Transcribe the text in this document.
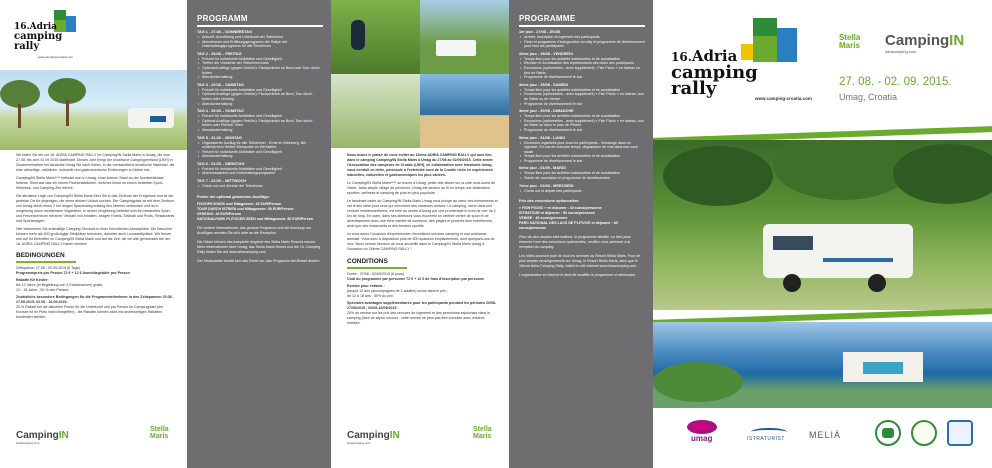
16.Adria
camping
rally
www.camping-croatia.com
Wir laden Sie ein zur 16. ADRIA CAMPING RALLY im Camping/IN Stella Maris in Umag, die vom 27.08. bis zum 02.09.2015 stattfindet. Dieses Jahr bringt der kroatische Campingverband (UKH) in Zusammenarbeit mit Istraturist Umag Sie nach Istrien, in die nordwestliche kroatische Halbinsel, die eine vielseitige, natürliche, kulturelle und gastronomische Erfahrungen zu bieten hat.
Camping/IN Stella Maris**** befindet sich in Umag, einer kleinen Stadt an der Nordwestküste Istriens. Sinnt war das ein reines Fischerstädtchen, welches heute zu einem beliebten Sport-, Wellness- und Camping-Ziel erfreut.
Die attraktive Lage von Camping/IN Stella Maris führt Sie in das Zentrum der Ereignisse und ist der perfekte Ort für diejenigen, die einen aktiven Urlaub suchen. Der Campingplatz ist mit dem Zentrum von Umag durch einen 2 km langen Spazierweg entlang des Meeres verbunden und ist in umgebung durch mediterrane Vegetation. In seiner Umgebung befindet sich ein bekanntes Sport- und Freizeitzentrum mit einer Vielzahl von Inhalten, einigen Hotels, Strände und Pools, Restaurants und Sportanlagen.
Hier bekommen Sie erstmalige Camping Services in einer freundlichen Atmosphäre. Die Besucher können mehr als 500 großzügige Stellplätze benutzen, darunter auch Luxusstellplätze. Wir freuen uns auf Ihr Eintreffen im Camping/IN Stella Maris und auf die Zeit, die wir alle gemeinsam bei der 16. ADRIA CAMPING RALLY haben werden!
BEDINGUNGEN
Zeitspanne: 27.08 - 02.09.2015 (6 Tage)
Programmpreis pro Person 72 € + 12 € Anmeldegebühr pro Person
Rabatte für Kinder:
bis 12 Jahre (in Begleitung von 2 Erwachsenen) gratis;
12 - 18 Jahre - 50 % des Preises.
Zusätzliche besondere Bedingungen für die Programmteilnehmer in den Zeitspannen 20.08 - 27.08.2015; 02.09 - 16.09.2015:
20 % Rabatt auf die aktuellen Preise für die Unterkunft und pro Person im Campingplatz (die Kurtaxe ist im Preis nicht inbegriffen) - die Rabatte können nicht mit anderweitigen Rabatten kombiniert werden.
CampingIN
istracamping.com
Stella
Maris
PROGRAMM
TAG 1 - 27.08. - DONNERSTAG
• Ankunft, Anmeldung und Unterkunft der Teilnehmer
• Abendessen und Eröffnungsprogramm der Rallye mit Unterhaltungsprogramm für alle Teilnehmer
TAG 2 - 28.08. - FREITAG
• Freizeit für individuelle Aktivitäten und Geselligkeit
• Treffen der Vorsteher der Teilnehmerclubs
• Optional Ausflüge (gegen Gebühr): Fischpicknick an Bord oder Tour durch Istrien
• Abendunterhaltung
TAG 3 - 29.08. - SAMSTAG
• Freizeit für individuelle Aktivitäten und Geselligkeit
• Optional Ausflüge (gegen Gebühr): Fischpicknick an Bord, Tour durch Istrien oder Venedig
• Abendunterhaltung
TAG 4 - 30.08. - SONNTAG
• Freizeit für individuelle Aktivitäten und Geselligkeit
• Optional Ausflüge (gegen Gebühr): Fischpicknick an Bord, Tour durch Istrien oder Plitvicer Seen
• Abendunterhaltung
TAG 5 - 31.08. - MONTAG
• Organisierter Ausflug für alle Teilnehmer - Ernte im Weinberg, Bei schließlichem Wetter-Weinprobe im Weinkeller
• Freizeit für individuelle Aktivitäten und Geselligkeit
• Abendunterhaltung
TAG 6 - 01.09. - DIENSTAG
• Freizeit für individuelle Aktivitäten und Geselligkeit
• Abschlussabend und Unterhaltungsprogramm
TAG 7 - 02.09. - MITTWOCH
• Check out und Abreise der Teilnehmer
Preise der optional gebotenen Ausflüge:
FISCHPICKNICK und Mitagessen: 40 EUR/Person
TOUR DURCH ISTRIEN und Mittagessen: 50 EUR/Person
VENEDIG: 45 EUR/Person
NATIONALPARK PLITVICER SEEN und Mittagessen: 80 EUR/Person
Für weitere Informationen, das genaue Programm und die Buchung von Ausflügen wenden Sie sich bitte an die Rezeption.
Die Gäste können das komplette Angebot des Stella Maris Resorts nutzen. Mehr Informationen über Umag, das Stella Maris Resort und die 16. Camping Rally finden Sie auf www.istracamping.com
Der Veranstalter behält sich das Recht vor, das Programm bei Bedarf ändern.
Nous avons le plaisir de vous inviter au 16ème ADRIA CAMPING RALLY qui aura lieu dans le camping Camping/IN Stella Maris à Umag du 27/08 au 02/09/2015. Cette année l'Association des campeurs de Croatie (UKH), en collaboration avec Istraturist Umag, vous conduit en Istrie, péninsule à l'extrémité nord de la Croatie riche en expériences naturelles, culturelles et gastronomiques les plus variées.
Le Camping/IN Stella Maris**** se trouve à Umag, petite ville située sur la côte nord-ouest de l'Istrie. Jadis simple village de pêcheurs, Umag est devenu au fil du temps une destination sportive, wellness et camping de plus en plus populaire.
Le fascinant cadre du Camping/IN Stella Maris Umag vous plonge au cœur des événements et est le lieu idéal pour ceux qui cherchent des vacances actives. Le camping, niché dans une verdure méditerranéenne, est relié au centre d'Umag par une promenade le front de mer de 2 km de long. En outre, dans ses alentours vous trouverez un célèbre centre de sport et de divertissement avec une riche variété de contenus, des plages et piscines bien entretenues, ainsi que des restaurants et des terrains sportifs.
Ici vous aurez l'occasion d'expérimenter d'excellents services camping et une ambiance amicale. Vous avez à disposition plus de 500 spacieux emplacements, dont quelques-uns de luxe. Nous serons heureux de vous accueillir dans le Camping/IN Stella Maris Umag à l'occasion du 16ème CAMPING RALLY !
CONDITIONS
Durée : 27/08 - 02/09/2015 (6 jours)
Coût du programme par personne 72 € + 12 € de frais d'inscription par personne
Remise pour enfants :
jusqu'à 12 ans (accompagnés de 2 adultes) inclus dans le prix ;
de 12 à 18 ans - 50% du prix.
Spéciales avantages supplémentaires pour les participants pendant les périodes 20/08-27/08/2015 ; 02/09-16/09/2015 :
20% de remise sur les prix des services de logement et des personnes séjournant dans le camping (taxe de séjour exclue) - cette remise ne peut pas être cumulée avec d'autres remises.
CampingIN
istracamping.com
Stella
Maris
PROGRAMME
1er jour - 27/08 - JEUDI
• Arrivée, inscription et logement des participants
• Dîner et programme d'inauguration du rally et programme de divertissement pour tous les participants
2ème jour - 28/08 - VENDREDI
• Temps libre pour les activités individuelles et de socialisation
• Réunion et socialisation des représentants des clubs des participants
• Excursions (optionnelles - avec supplément) : Fish Picnic » en bateau ou tour de l'Istrie.
• Programme de divertissement le soir
3ème jour - 29/08 - SAMEDI
• Temps libre pour les activités individuelles et de socialisation
• Excursions (optionnelles - avec supplément) « Fish Picnic » en bateau, tour de l'Istrie ou de Venise.
• Programme de divertissement le soir
4ème jour - 30/08 - DIMANCHE
• Temps libre pour les activités individuelles et de socialisation
• Excursions (optionnelles - avec supplément) « Fish Picnic » en bateau, tour de l'Istrie ou dans le parc de Plitvice
• Programme de divertissement le soir
5ème jour - 31/08 - LUNDI
• Excursion organisée pour tous les participants - Vendange dans un vignoble. En cas de mauvais temps, dégustation de vins dans une cave locale
• Temps libre pour les activités individuelles et de socialisation
• Programme de divertissement le soir
6ème jour - 01/09 - MARDI
• Temps libre pour les activités individuelles et de socialisation
• Soirée de conclusion et programme de divertissement
7ème jour - 02/09 - MERCREDI
• Check out et départ des participants
Prix des excursions optionnelles:
« FISH PICNIC » et déjeuner : 40 euros/personne
ISTRATOUR et déjeuner : 50 euros/personne
VENISE : 45 euros/personne
PARC NATIONAL DES LACS DE PLITVICE et déjeuner : 80 euros/personne
Pour de plus amples informations, le programme détaillé, ou bien pour réserver l'une des excursions optionnelles, veuillez vous adresser à la réception du camping.
Les hôtes pourront jouir de tous les services du Resort Stella Maris. Pour de plus amples renseignements sur Umag, le Resort Stella Maris, ainsi que le 16ème Adria Camping Rally, visitez le site internet www.istracamping.com
L'organisateur se réserve le droit de modifier le programme si nécessaire.
16.Adria
camping
rally	www.camping-croatia.com
Stella
Maris CampingIN
istracamping.com
27. 08. - 02. 09. 2015.
Umag, Croatia
umag	ISTRATURIST	MELIÁ
